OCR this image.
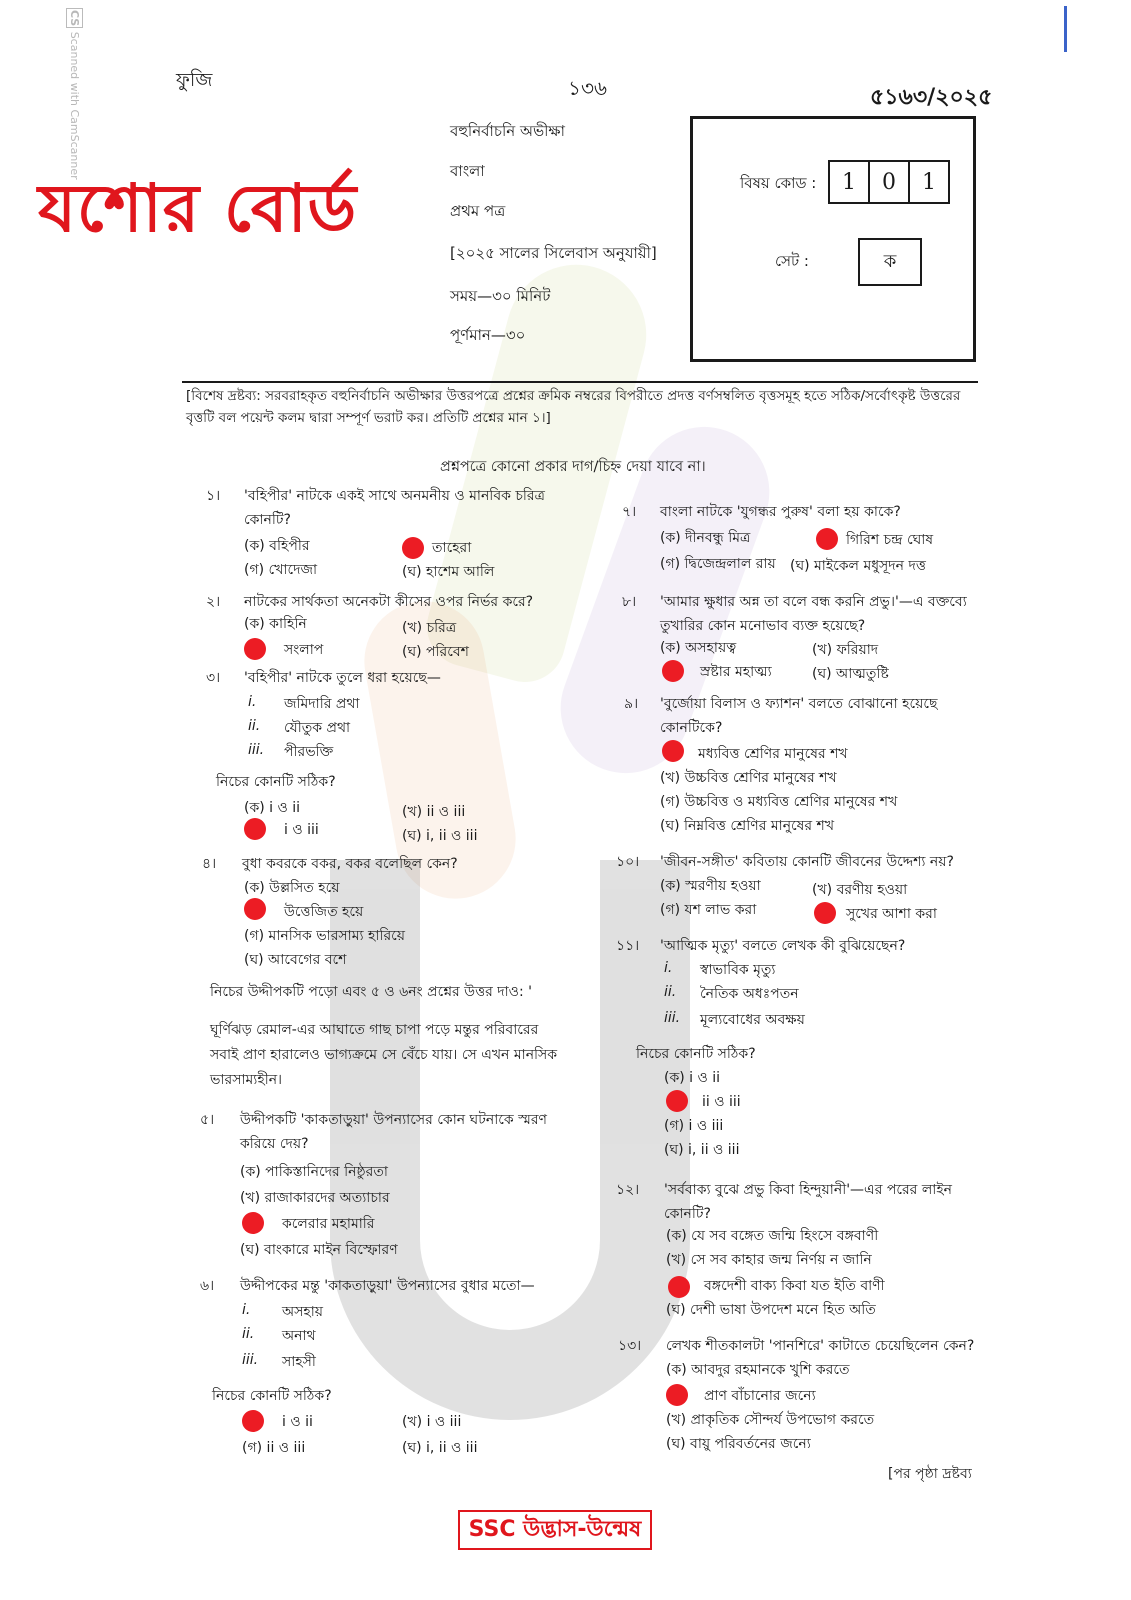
CS Scanned with CamScanner	ফুজি	১৩৬	৫১৬৩/২০২৫
যশোর বোর্ড
বহুনির্বাচনি অভীক্ষা
বাংলা
প্রথম পত্র
[২০২৫ সালের সিলেবাস অনুযায়ী]
সময়—৩০ মিনিট
পূর্ণমান—৩০
বিষয় কোড :	1	0	1
সেট :	ক
[বিশেষ দ্রষ্টব্য: সরবরাহকৃত বহুনির্বাচনি অভীক্ষার উত্তরপত্রে প্রশ্নের ক্রমিক নম্বরের বিপরীতে প্রদত্ত বর্ণসম্বলিত বৃত্তসমূহ হতে সঠিক/সর্বোৎকৃষ্ট উত্তরের বৃত্তটি বল পয়েন্ট কলম দ্বারা সম্পূর্ণ ভরাট কর। প্রতিটি প্রশ্নের মান ১।]
প্রশ্নপত্রে কোনো প্রকার দাগ/চিহ্ন দেয়া যাবে না।
১। 'বহিপীর' নাটকে একই সাথে অনমনীয় ও মানবিক চরিত্র কোনটি?
(ক) বহিপীর	তাহেরা
(গ) খোদেজা	(ঘ) হাশেম আলি
২। নাটকের সার্থকতা অনেকটা কীসের ওপর নির্ভর করে?
(ক) কাহিনি	(খ) চরিত্র
সংলাপ	(ঘ) পরিবেশ
৩। 'বহিপীর' নাটকে তুলে ধরা হয়েছে—
i. জমিদারি প্রথা
ii. যৌতুক প্রথা
iii. পীরভক্তি
নিচের কোনটি সঠিক?
(ক) i ও ii	(খ) ii ও iii
i ও iii	(ঘ) i, ii ও iii
৪। বুধা কবরকে বকর, বকর বলেছিল কেন?
(ক) উল্লসিত হয়ে
উত্তেজিত হয়ে
(গ) মানসিক ভারসাম্য হারিয়ে
(ঘ) আবেগের বশে
নিচের উদ্দীপকটি পড়ো এবং ৫ ও ৬নং প্রশ্নের উত্তর দাও: '
ঘূর্ণিঝড় রেমাল-এর আঘাতে গাছ চাপা পড়ে মন্তুর পরিবারের সবাই প্রাণ হারালেও ভাগ্যক্রমে সে বেঁচে যায়। সে এখন মানসিক ভারসাম্যহীন।
৫। উদ্দীপকটি 'কাকতাড়ুয়া' উপন্যাসের কোন ঘটনাকে স্মরণ করিয়ে দেয়?
(ক) পাকিস্তানিদের নিষ্ঠুরতা
(খ) রাজাকারদের অত্যাচার
কলেরার মহামারি
(ঘ) বাংকারে মাইন বিস্ফোরণ
৬। উদ্দীপকের মন্তু 'কাকতাড়ুয়া' উপন্যাসের বুধার মতো—
i. অসহায়
ii. অনাথ
iii. সাহসী
নিচের কোনটি সঠিক?
i ও ii	(খ) i ও iii
(গ) ii ও iii	(ঘ) i, ii ও iii
৭। বাংলা নাটকে 'যুগন্ধর পুরুষ' বলা হয় কাকে?
(ক) দীনবন্ধু মিত্র	গিরিশ চন্দ্র ঘোষ
(গ) দ্বিজেন্দ্রলাল রায় (ঘ) মাইকেল মধুসূদন দত্ত
৮। 'আমার ক্ষুধার অন্ন তা বলে বন্ধ করনি প্রভু।'—এ বক্তব্যে তুখারির কোন মনোভাব ব্যক্ত হয়েছে?
(ক) অসহায়ত্ব	(খ) ফরিয়াদ
স্রষ্টার মহাত্ম্য	(ঘ) আত্মতুষ্টি
৯। 'বুর্জোয়া বিলাস ও ফ্যাশন' বলতে বোঝানো হয়েছে কোনটিকে?
মধ্যবিত্ত শ্রেণির মানুষের শখ
(খ) উচ্চবিত্ত শ্রেণির মানুষের শখ
(গ) উচ্চবিত্ত ও মধ্যবিত্ত শ্রেণির মানুষের শখ
(ঘ) নিম্নবিত্ত শ্রেণির মানুষের শখ
১০। 'জীবন-সঙ্গীত' কবিতায় কোনটি জীবনের উদ্দেশ্য নয়?
(ক) স্মরণীয় হওয়া	(খ) বরণীয় হওয়া
(গ) যশ লাভ করা	সুখের আশা করা
১১। 'আত্মিক মৃত্যু' বলতে লেখক কী বুঝিয়েছেন?
i. স্বাভাবিক মৃত্যু
ii. নৈতিক অধঃপতন
iii. মূল্যবোধের অবক্ষয়
নিচের কোনটি সঠিক?
(ক) i ও ii
ii ও iii
(গ) i ও iii
(ঘ) i, ii ও iii
১২। 'সর্ববাক্য বুঝে প্রভু কিবা হিন্দুয়ানী'—এর পরের লাইন কোনটি?
(ক) যে সব বঙ্গেত জন্মি হিংসে বঙ্গবাণী
(খ) সে সব কাহার জন্ম নির্ণয় ন জানি
বঙ্গদেশী বাক্য কিবা যত ইতি বাণী
(ঘ) দেশী ভাষা উপদেশ মনে হিত অতি
১৩। লেখক শীতকালটা 'পানশিরে' কাটাতে চেয়েছিলেন কেন?
(ক) আবদুর রহমানকে খুশি করতে
প্রাণ বাঁচানোর জন্যে
(খ) প্রাকৃতিক সৌন্দর্য উপভোগ করতে
(ঘ) বায়ু পরিবর্তনের জন্যে
[পর পৃষ্ঠা দ্রষ্টব্য
SSC উদ্ভাস-উন্মেষ
